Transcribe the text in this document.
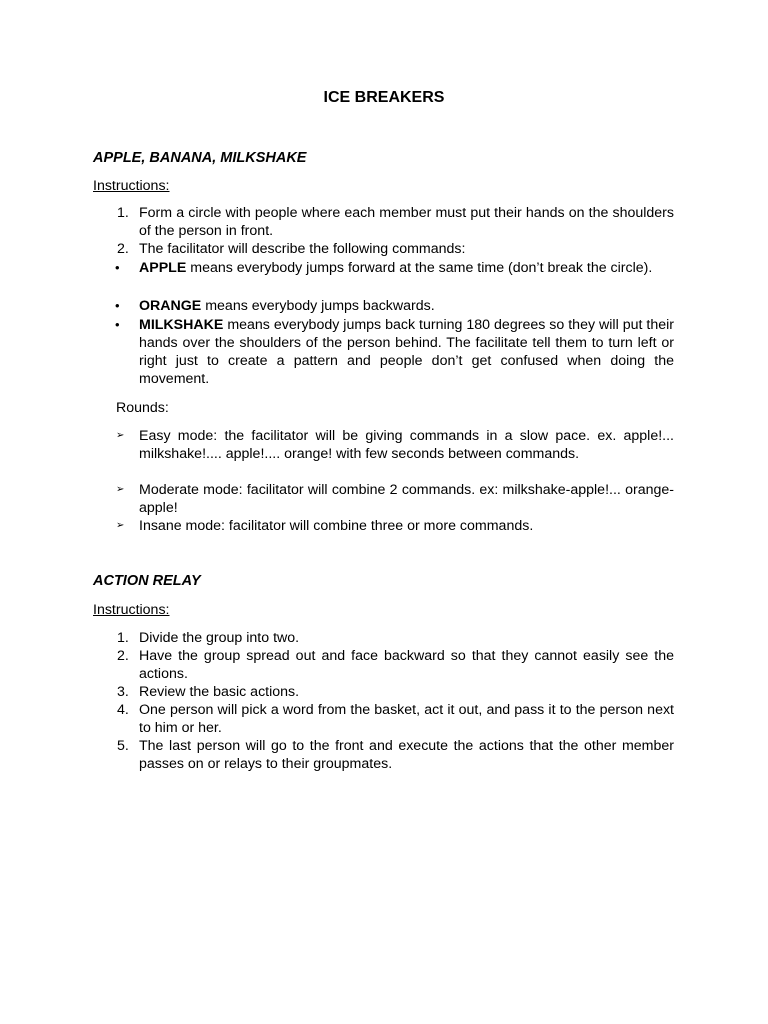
ICE BREAKERS
APPLE, BANANA, MILKSHAKE
Instructions:
1. Form a circle with people where each member must put their hands on the shoulders of the person in front.
2. The facilitator will describe the following commands:
•	APPLE means everybody jumps forward at the same time (don’t break the circle).
•	ORANGE means everybody jumps backwards.
•	MILKSHAKE means everybody jumps back turning 180 degrees so they will put their hands over the shoulders of the person behind. The facilitate tell them to turn left or right just to create a pattern and people don’t get confused when doing the movement.
Rounds:
➢	Easy mode: the facilitator will be giving commands in a slow pace. ex. apple!... milkshake!.... apple!.... orange! with few seconds between commands.
➢	Moderate mode: facilitator will combine 2 commands. ex: milkshake-apple!... orange-apple!
➢	Insane mode: facilitator will combine three or more commands.
ACTION RELAY
Instructions:
1. Divide the group into two.
2. Have the group spread out and face backward so that they cannot easily see the actions.
3. Review the basic actions.
4. One person will pick a word from the basket, act it out, and pass it to the person next to him or her.
5. The last person will go to the front and execute the actions that the other member passes on or relays to their groupmates.
